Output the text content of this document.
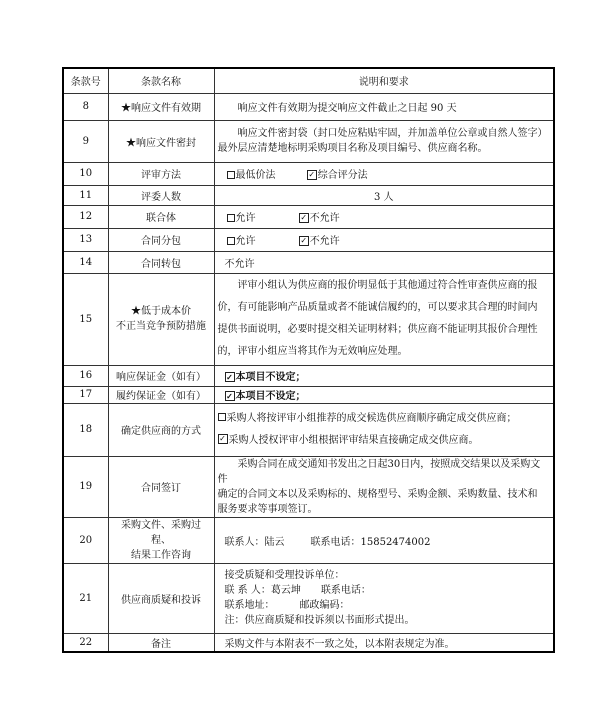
条款号	条款名称	说明和要求
8	★响应文件有效期	响应文件有效期为提交响应文件截止之日起 90 天
9	★响应文件密封	响应文件密封袋（封口处应粘贴牢固，并加盖单位公章或自然人签字）
最外层应清楚地标明采购项目名称及项目编号、供应商名称。

10	评审方法	最低价法 ✓ 综合评分法
11	评委人数	3 人
12	联合体	允许 ✓ 不允许
13	合同分包	允许 ✓ 不允许
14	合同转包	不允许
15	★低于成本价
不正当竞争预防措施	评审小组认为供应商的报价明显低于其他通过符合性审查供应商的报
价，有可能影响产品质量或者不能诚信履约的，可以要求其合理的时间内
提供书面说明，必要时提交相关证明材料；供应商不能证明其报价合理性
的，评审小组应当将其作为无效响应处理。

16	响应保证金（如有）	✓ 本项目不设定；
17	履约保证金（如有）	✓ 本项目不设定；
18	确定供应商的方式	采购人将按评审小组推荐的成交候选供应商顺序确定成交供应商；
✓ 采购人授权评审小组根据评审结果直接确定成交供应商。

19	合同签订	采购合同在成交通知书发出之日起30日内，按照成交结果以及采购文件
确定的合同文本以及采购标的、规格型号、采购金额、采购数量、技术和
服务要求等事项签订。

20	采购文件、采购过程、
结果工作咨询	联系人：陆云 联系电话：15852474002
21	供应商质疑和投诉	接受质疑和受理投诉单位：
联 系 人：葛云坤　　联系电话：
联系地址：　　　邮政编码：
注：供应商质疑和投诉须以书面形式提出。

22	备注	采购文件与本附表不一致之处，以本附表规定为准。
